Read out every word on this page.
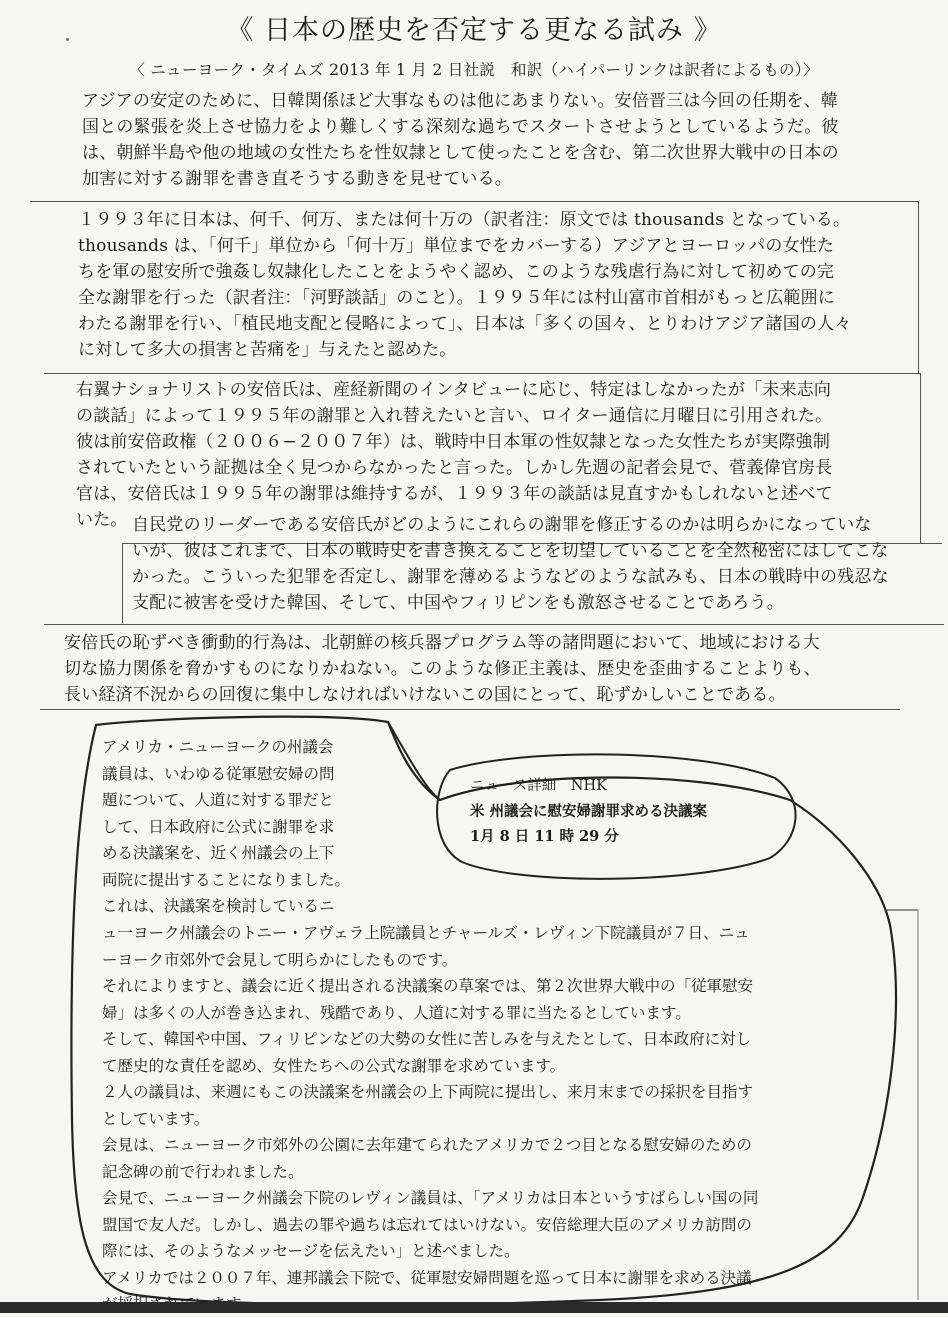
《 日本の歴史を否定する更なる試み 》
〈 ニューヨーク・タイムズ 2013 年 1 月 2 日社説　和訳（ハイパーリンクは訳者によるもの）〉
アジアの安定のために、日韓関係ほど大事なものは他にあまりない。安倍晋三は今回の任期を、韓
国との緊張を炎上させ協力をより難しくする深刻な過ちでスタートさせようとしているようだ。彼
は、朝鮮半島や他の地域の女性たちを性奴隷として使ったことを含む、第二次世界大戦中の日本の
加害に対する謝罪を書き直そうする動きを見せている。
１９９３年に日本は、何千、何万、または何十万の（訳者注：原文では thousands となっている。
thousands は、「何千」単位から「何十万」単位までをカバーする）アジアとヨーロッパの女性た
ちを軍の慰安所で強姦し奴隷化したことをようやく認め、このような残虐行為に対して初めての完
全な謝罪を行った（訳者注：「河野談話」のこと）。１９９５年には村山富市首相がもっと広範囲に
わたる謝罪を行い、「植民地支配と侵略によって」、日本は「多くの国々、とりわけアジア諸国の人々
に対して多大の損害と苦痛を」与えたと認めた。
右翼ナショナリストの安倍氏は、産経新聞のインタビューに応じ、特定はしなかったが「未来志向
の談話」によって１９９５年の謝罪と入れ替えたいと言い、ロイター通信に月曜日に引用された。
彼は前安倍政権（２００６−２００７年）は、戦時中日本軍の性奴隷となった女性たちが実際強制
されていたという証拠は全く見つからなかったと言った。しかし先週の記者会見で、菅義偉官房長
官は、安倍氏は１９９５年の謝罪は維持するが、１９９３年の談話は見直すかもしれないと述べて
いた。 自民党のリーダーである安倍氏がどのようにこれらの謝罪を修正するのかは明らかになっていな
いが、彼はこれまで、日本の戦時史を書き換えることを切望していることを全然秘密にはしてこな
かった。こういった犯罪を否定し、謝罪を薄めるようなどのような試みも、日本の戦時中の残忍な
支配に被害を受けた韓国、そして、中国やフィリピンをも激怒させることであろう。
安倍氏の恥ずべき衝動的行為は、北朝鮮の核兵器プログラム等の諸問題において、地域における大
切な協力関係を脅かすものになりかねない。このような修正主義は、歴史を歪曲することよりも、
長い経済不況からの回復に集中しなければいけないこの国にとって、恥ずかしいことである。
ニュース詳細　NHK
米 州議会に慰安婦謝罪求める決議案
1月 8 日 11 時 29 分
アメリカ・ニューヨークの州議会
議員は、いわゆる従軍慰安婦の問
題について、人道に対する罪だと
して、日本政府に公式に謝罪を求
める決議案を、近く州議会の上下
両院に提出することになりました。
これは、決議案を検討しているニ
ュ一ヨーク州議会のトニー・アヴェラ上院議員とチャールズ・レヴィン下院議員が７日、ニュ
ーヨーク市郊外で会見して明らかにしたものです。
それによりますと、議会に近く提出される決議案の草案では、第２次世界大戦中の「従軍慰安
婦」は多くの人が巻き込まれ、残酷であり、人道に対する罪に当たるとしています。
そして、韓国や中国、フィリピンなどの大勢の女性に苦しみを与えたとして、日本政府に対し
て歴史的な責任を認め、女性たちへの公式な謝罪を求めています。
２人の議員は、来週にもこの決議案を州議会の上下両院に提出し、来月末までの採択を目指す
としています。
会見は、ニューヨーク市郊外の公園に去年建てられたアメリカで２つ目となる慰安婦のための
記念碑の前で行われました。
会見で、ニューヨーク州議会下院のレヴィン議員は、「アメリカは日本というすばらしい国の同
盟国で友人だ。しかし、過去の罪や過ちは忘れてはいけない。安倍総理大臣のアメリカ訪問の
際には、そのようなメッセージを伝えたい」と述べました。
アメリカでは２００７年、連邦議会下院で、従軍慰安婦問題を巡って日本に謝罪を求める決議
